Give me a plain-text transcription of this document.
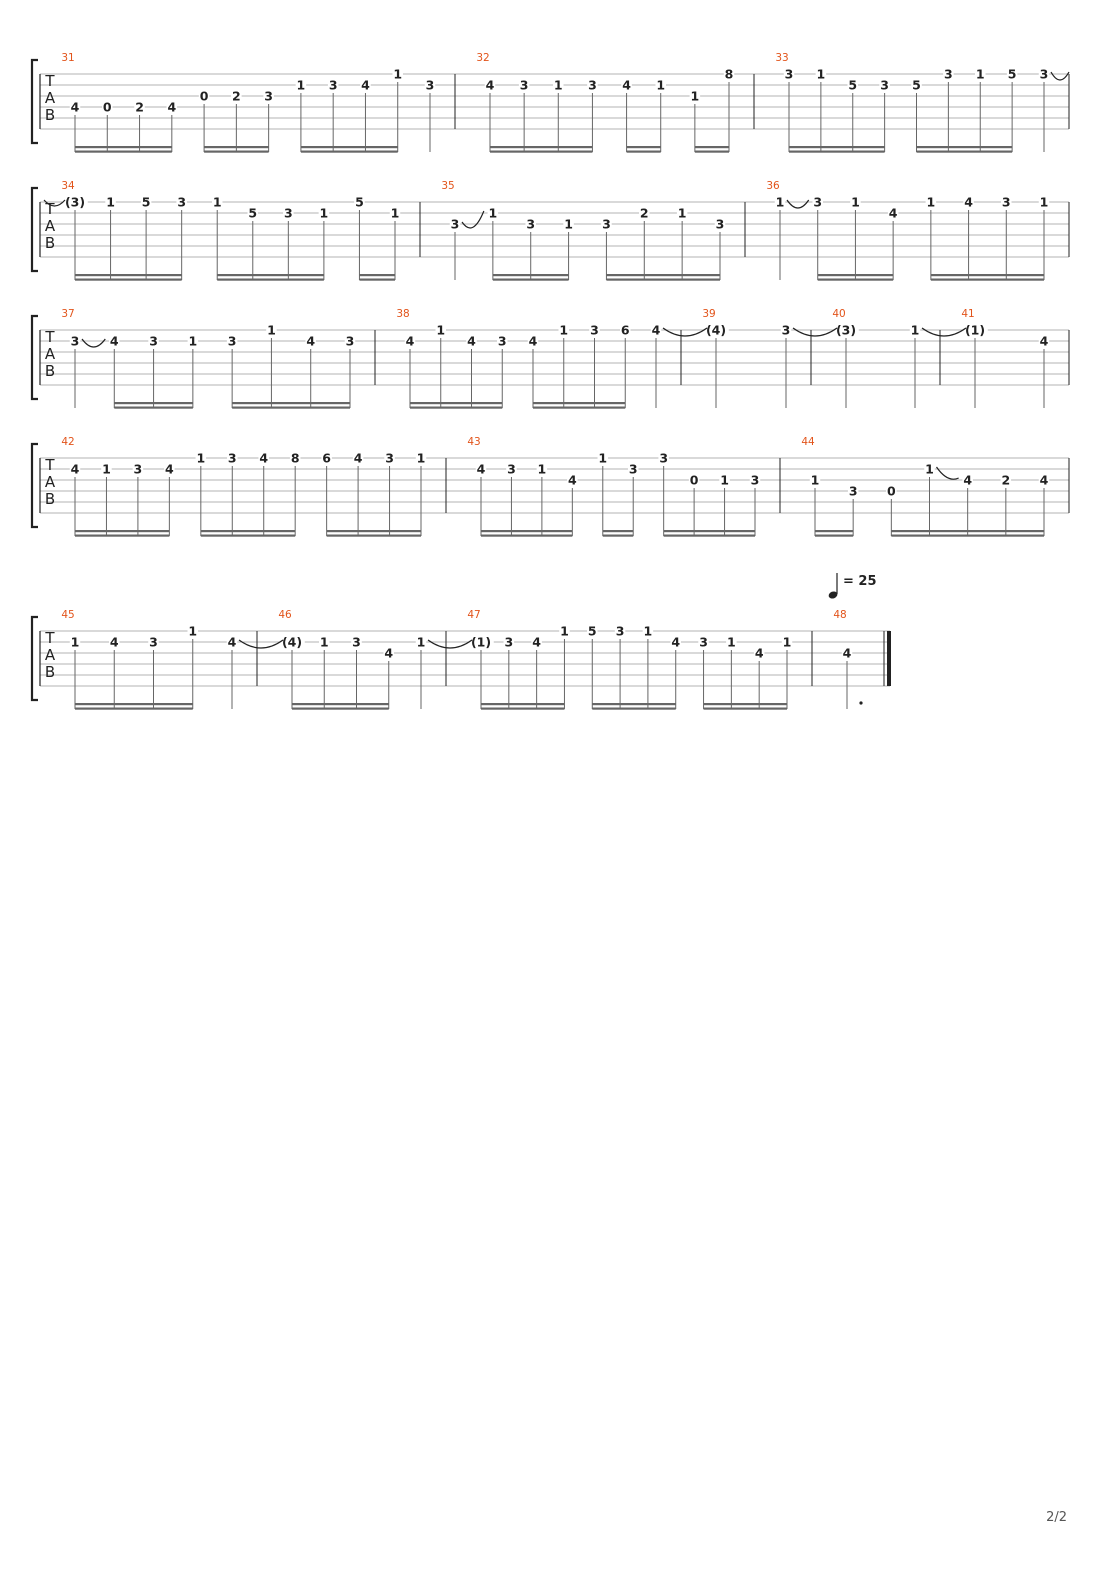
T
A
B
31
4 0 2 4
0 2 3
1 3 4
1
3
32
4 3 1 3 4 1
1
8
33
3 1
5 3 5
3 1 5 3
T
A
B
34
(3) 1 5 3 1
5 3 1
5
1
35
3
1
3 1 3
2 1
3
36
1 3 1
4
1 4 3 1
T
A
B
37
3 4 3 1 3
1
4 3
38
4
1
4 3 4
1 3 6 4
39
(4)	3
40
(3)	1
41
(1)
4
T
A
B
42
4 1 3 4
1 3 4 8 6 4 3 1
43
4 3 1
4
1
3
3
0 1 3
44
1
3 0
1
4 2 4
T
A
B
45
1 4 3
1
4
46
(4) 1 3
4
1
47
(1) 3 4
1 5 3 1
4 3 1
4
1
48
4
= 25
2/2
